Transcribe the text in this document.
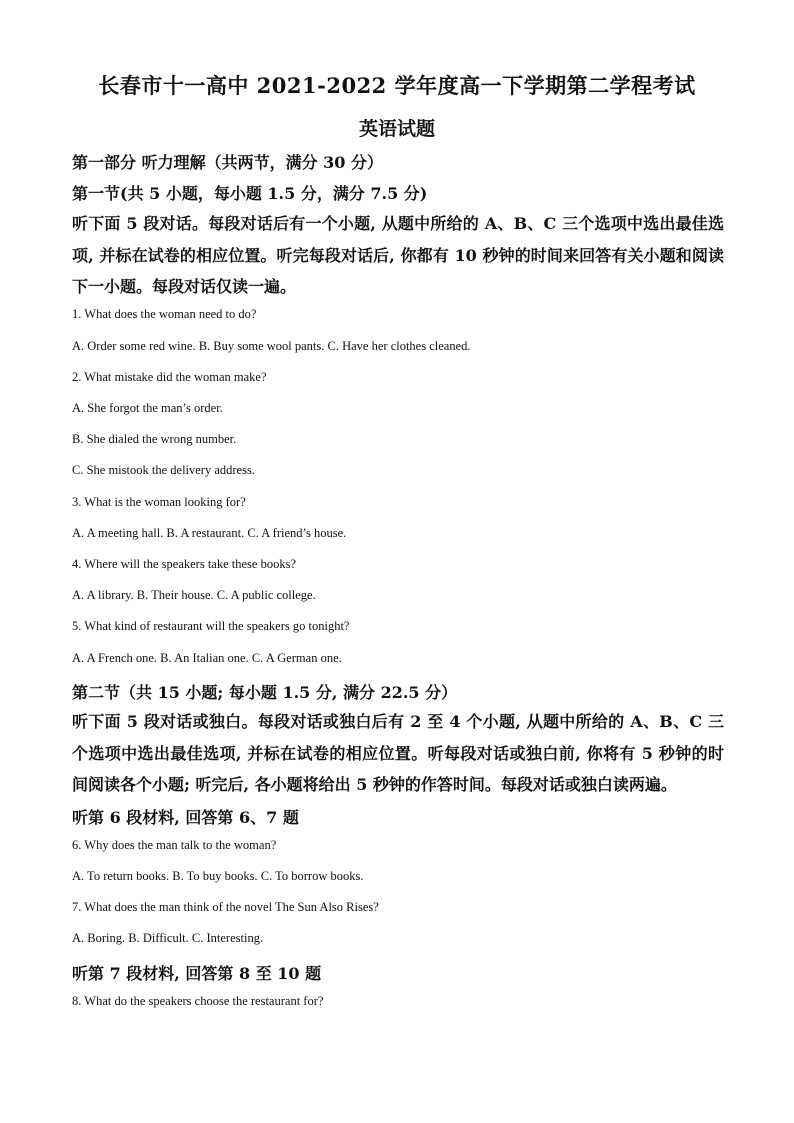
长春市十一高中 2021-2022 学年度高一下学期第二学程考试
英语试题
第一部分 听力理解（共两节，满分 30 分）
第一节(共 5 小题，每小题 1.5 分，满分 7.5 分)
听下面 5 段对话。每段对话后有一个小题, 从题中所给的 A、B、C 三个选项中选出最佳选项, 并标在试卷的相应位置。听完每段对话后, 你都有 10 秒钟的时间来回答有关小题和阅读下一小题。每段对话仅读一遍。
1. What does the woman need to do?
A. Order some red wine. B. Buy some wool pants. C. Have her clothes cleaned.
2. What mistake did the woman make?
A. She forgot the man’s order.
B. She dialed the wrong number.
C. She mistook the delivery address.
3. What is the woman looking for?
A. A meeting hall. B. A restaurant. C. A friend’s house.
4. Where will the speakers take these books?
A. A library. B. Their house. C. A public college.
5. What kind of restaurant will the speakers go tonight?
A. A French one. B. An Italian one. C. A German one.
第二节（共 15 小题; 每小题 1.5 分, 满分 22.5 分）
听下面 5 段对话或独白。每段对话或独白后有 2 至 4 个小题, 从题中所给的 A、B、C 三个选项中选出最佳选项, 并标在试卷的相应位置。听每段对话或独白前, 你将有 5 秒钟的时间阅读各个小题; 听完后, 各小题将给出 5 秒钟的作答时间。每段对话或独白读两遍。
听第 6 段材料, 回答第 6、7 题
6. Why does the man talk to the woman?
A. To return books. B. To buy books. C. To borrow books.
7. What does the man think of the novel The Sun Also Rises?
A. Boring. B. Difficult. C. Interesting.
听第 7 段材料, 回答第 8 至 10 题
8. What do the speakers choose the restaurant for?
